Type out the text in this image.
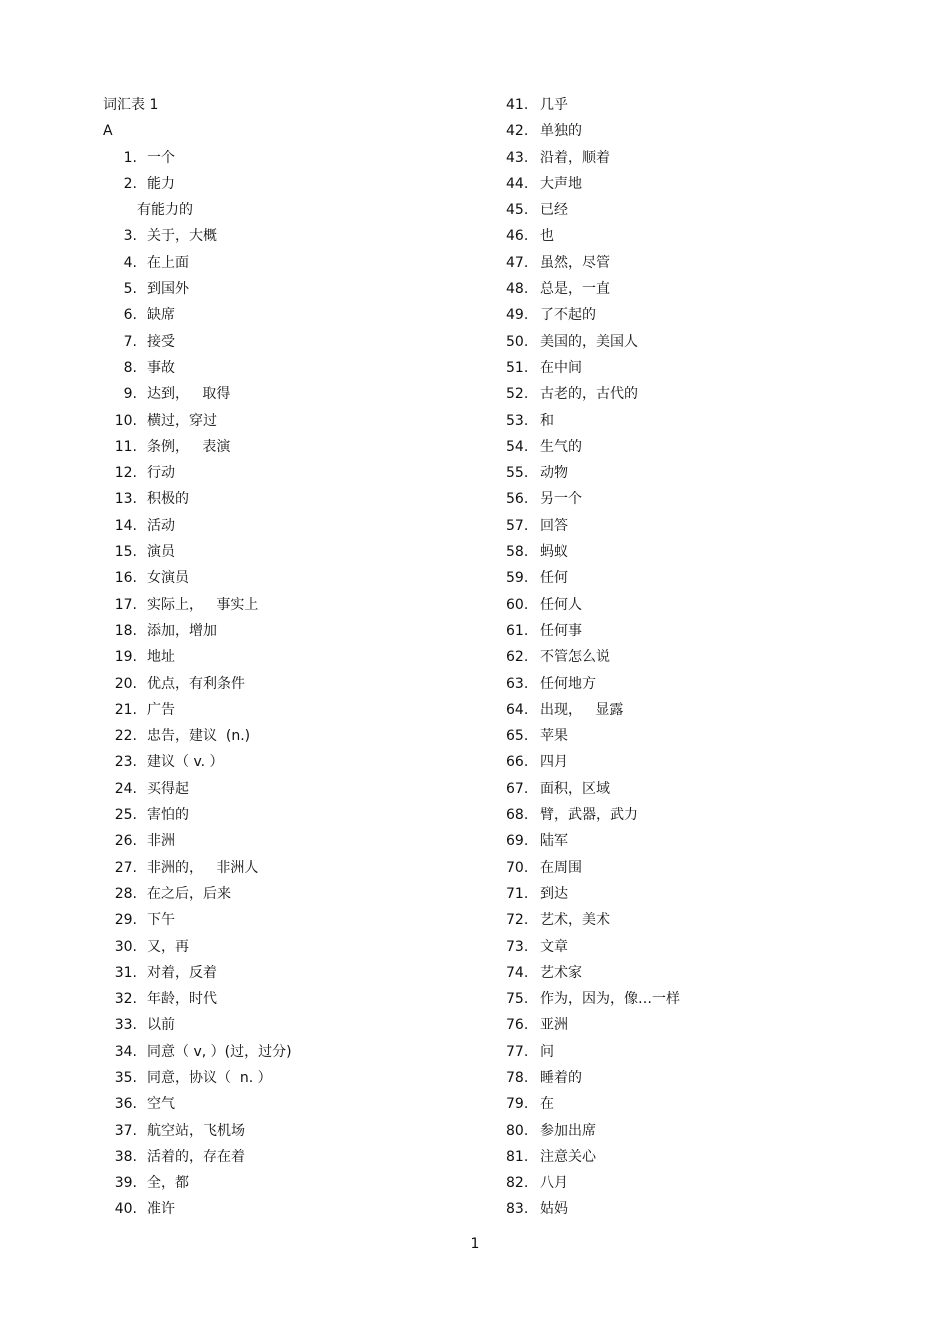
词汇表 1
A
1. 一个
2. 能力
有能力的
3. 关于，大概
4. 在上面
5. 到国外
6. 缺席
7. 接受
8. 事故
9. 达到，   取得
10. 横过，穿过
11. 条例，   表演
12. 行动
13. 积极的
14. 活动
15. 演员
16. 女演员
17. 实际上，   事实上
18. 添加，增加
19. 地址
20. 优点，有利条件
21. 广告
22. 忠告，建议  (n.)
23. 建议（ v. ）
24. 买得起
25. 害怕的
26. 非洲
27. 非洲的，   非洲人
28. 在之后，后来
29. 下午
30. 又，再
31. 对着，反着
32. 年龄，时代
33. 以前
34. 同意（ v, ）(过，过分)
35. 同意，协议（  n. ）
36. 空气
37. 航空站，飞机场
38. 活着的，存在着
39. 全，都
40. 准许
41. 几乎
42. 单独的
43. 沿着，顺着
44. 大声地
45. 已经
46. 也
47. 虽然，尽管
48. 总是，一直
49. 了不起的
50. 美国的，美国人
51. 在中间
52. 古老的，古代的
53. 和
54. 生气的
55. 动物
56. 另一个
57. 回答
58. 蚂蚁
59. 任何
60. 任何人
61. 任何事
62. 不管怎么说
63. 任何地方
64. 出现，   显露
65. 苹果
66. 四月
67. 面积，区域
68. 臂，武器，武力
69. 陆军
70. 在周围
71. 到达
72. 艺术，美术
73. 文章
74. 艺术家
75. 作为，因为，像…一样
76. 亚洲
77. 问
78. 睡着的
79. 在
80. 参加出席
81. 注意关心
82. 八月
83. 姑妈
1
